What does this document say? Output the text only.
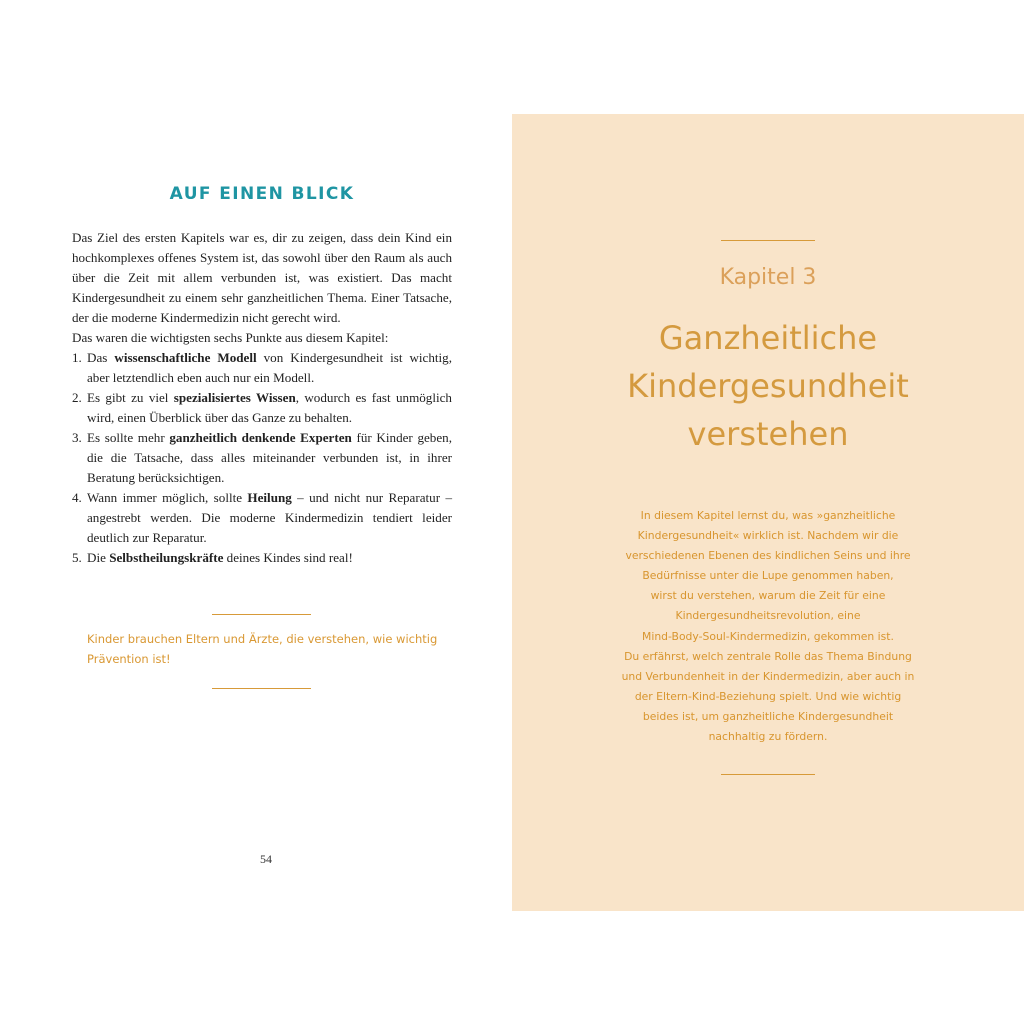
AUF EINEN BLICK

Das Ziel des ersten Kapitels war es, dir zu zeigen, dass dein Kind ein hochkomplexes offenes System ist, das sowohl über den Raum als auch über die Zeit mit allem verbunden ist, was existiert. Das macht Kindergesundheit zu einem sehr ganzheitlichen Thema. Einer Tatsache, der die moderne Kindermedizin nicht gerecht wird.

Das waren die wichtigsten sechs Punkte aus diesem Kapitel:

1. Das wissenschaftliche Modell von Kindergesundheit ist wichtig, aber letztendlich eben auch nur ein Modell.
2. Es gibt zu viel spezialisiertes Wissen, wodurch es fast unmöglich wird, einen Überblick über das Ganze zu behalten.
3. Es sollte mehr ganzheitlich denkende Experten für Kinder geben, die die Tatsache, dass alles miteinander verbunden ist, in ihrer Beratung berücksichtigen.
4. Wann immer möglich, sollte Heilung – und nicht nur Reparatur – angestrebt werden. Die moderne Kindermedizin tendiert leider deutlich zur Reparatur.
5. Die Selbstheilungskräfte deines Kindes sind real!

Kinder brauchen Eltern und Ärzte, die verstehen, wie wichtig Prävention ist!

54
Kapitel 3
Ganzheitliche
Kindergesundheit
verstehen

In diesem Kapitel lernst du, was »ganzheitliche
Kindergesundheit« wirklich ist. Nachdem wir die
verschiedenen Ebenen des kindlichen Seins und ihre
Bedürfnisse unter die Lupe genommen haben,
wirst du verstehen, warum die Zeit für eine
Kindergesundheitsrevolution, eine
Mind-Body-Soul-Kindermedizin, gekommen ist.
Du erfährst, welch zentrale Rolle das Thema Bindung
und Verbundenheit in der Kindermedizin, aber auch in
der Eltern-Kind-Beziehung spielt. Und wie wichtig
beides ist, um ganzheitliche Kindergesundheit
nachhaltig zu fördern.
